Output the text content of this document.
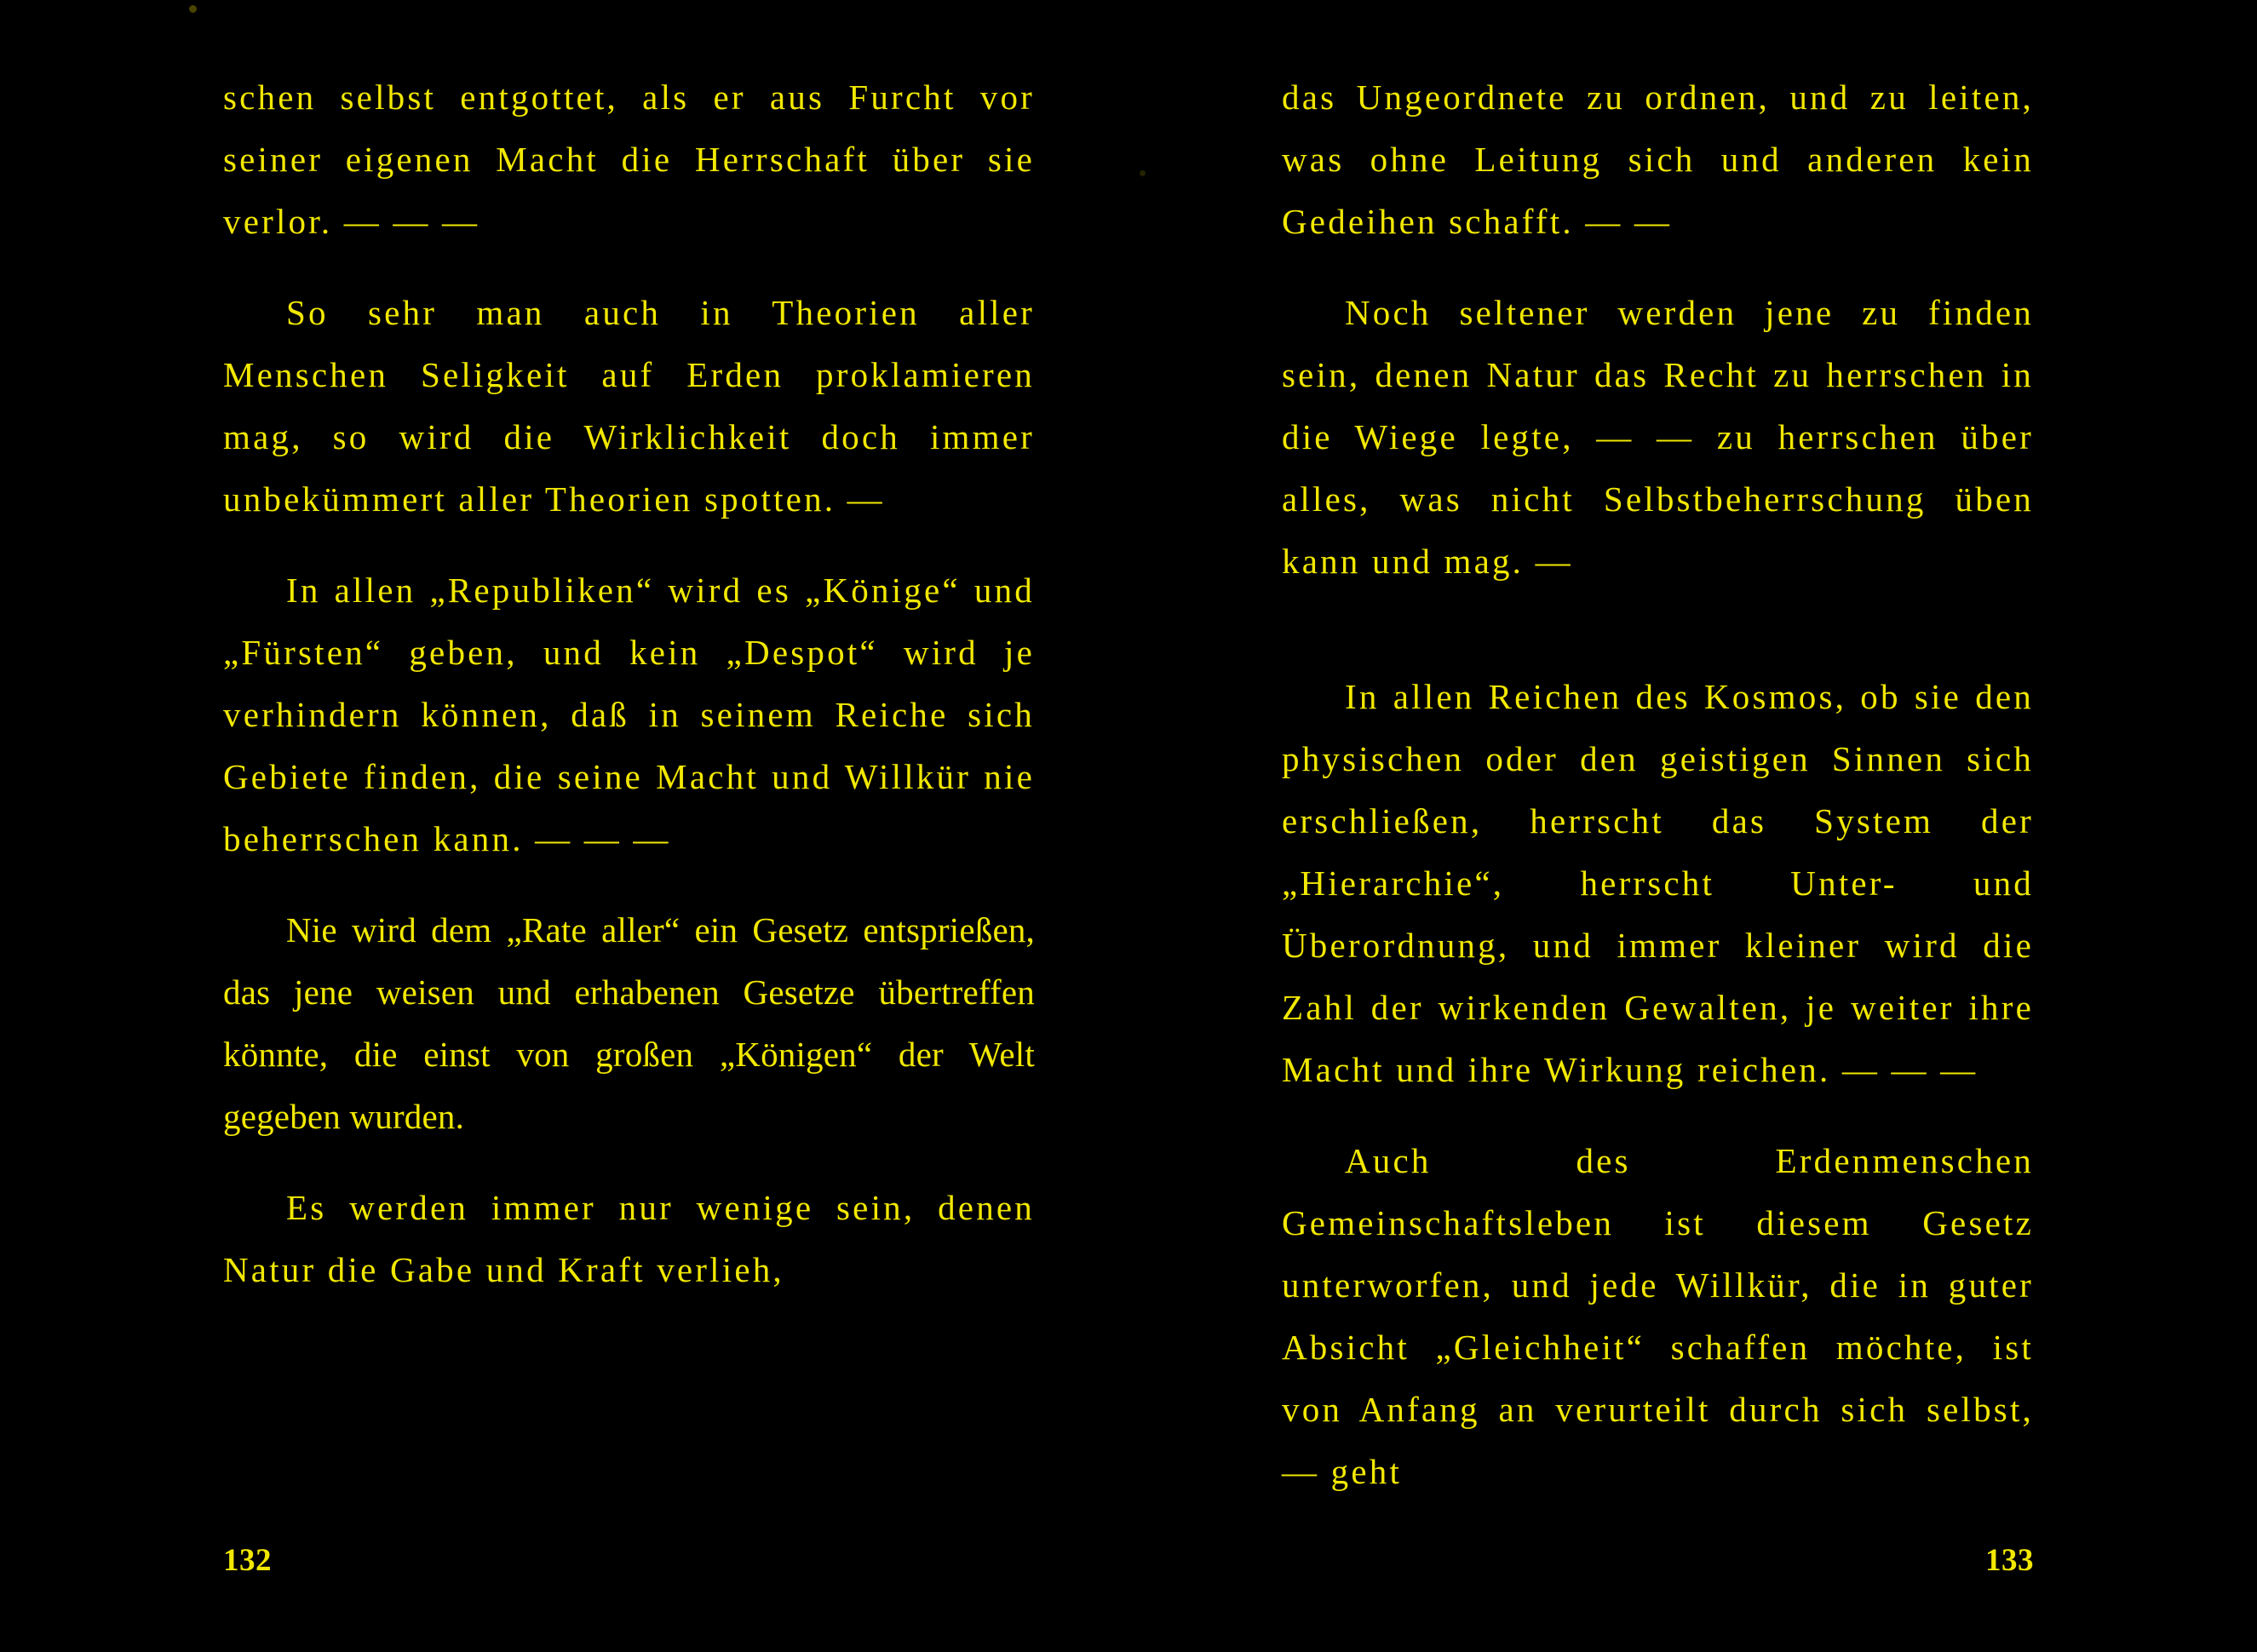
schen selbst entgottet, als er aus Furcht vor seiner eigenen Macht die Herrschaft über sie verlor. — — —

So sehr man auch in Theorien aller Menschen Seligkeit auf Erden proklamieren mag, so wird die Wirklichkeit doch immer unbekümmert aller Theorien spotten. —

In allen „Republiken“ wird es „Könige“ und „Fürsten“ geben, und kein „Despot“ wird je verhindern können, daß in seinem Reiche sich Gebiete finden, die seine Macht und Willkür nie beherrschen kann. — — —

Nie wird dem „Rate aller“ ein Gesetz entsprießen, das jene weisen und erhabenen Gesetze übertreffen könnte, die einst von großen „Königen“ der Welt gegeben wurden.

Es werden immer nur wenige sein, denen Natur die Gabe und Kraft verlieh,

132

das Ungeordnete zu ordnen, und zu leiten, was ohne Leitung sich und anderen kein Gedeihen schafft. — —

Noch seltener werden jene zu finden sein, denen Natur das Recht zu herrschen in die Wiege legte, — — zu herrschen über alles, was nicht Selbstbeherrschung üben kann und mag. —

In allen Reichen des Kosmos, ob sie den physischen oder den geistigen Sinnen sich erschließen, herrscht das System der „Hierarchie“, herrscht Unter- und Überordnung, und immer kleiner wird die Zahl der wirkenden Gewalten, je weiter ihre Macht und ihre Wirkung reichen. — — —

Auch des Erdenmenschen Gemeinschaftsleben ist diesem Gesetz unterworfen, und jede Willkür, die in guter Absicht „Gleichheit“ schaffen möchte, ist von Anfang an verurteilt durch sich selbst, — geht

133
